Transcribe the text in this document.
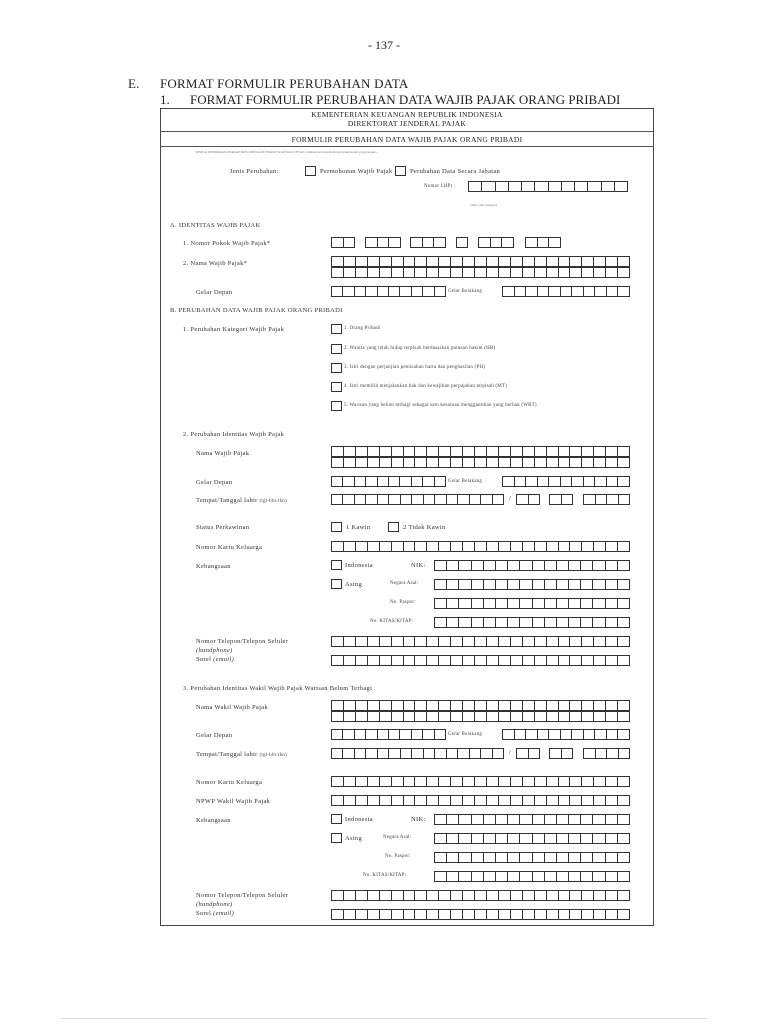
- 137 -
E. FORMAT FORMULIR PERUBAHAN DATA
1. FORMAT FORMULIR PERUBAHAN DATA WAJIB PAJAK ORANG PRIBADI
KEMENTERIAN KEUANGAN REPUBLIK INDONESIA
DIREKTORAT JENDERAL PAJAK
FORMULIR PERUBAHAN DATA WAJIB PAJAK ORANG PRIBADI
SEMUA INFORMASI HARAP DIISI DENGAN HURUF KAPITAL CETAK, silakan beri tanda silang untuk kotak yang sesuai...
Jenis Perubahan:	Permohonan Wajib Pajak	Perubahan Data Secara Jabatan
Nomor LHPt :
(diisi oleh petugas)
A. IDENTITAS WAJIB PAJAK
1. Nomor Pokok Wajib Pajak*
2. Nama Wajib Pajak*
Gelar Depan	Gelar Belakang
B. PERUBAHAN DATA WAJIB PAJAK ORANG PRIBADI
1. Perubahan Kategori Wajib Pajak	1. Orang Pribadi
2. Wanita yang telah hidup terpisah berdasarkan putusan hakim (HB)
3. Istri dengan perjanjian pemisahan harta dan penghasilan (PH)
4. Istri memilih menjalankan hak dan kewajiban perpajakan terpisah (MT)
5. Warisan yang belum terbagi sebagai satu kesatuan menggantikan yang berhak (WBT)
2. Perubahan Identitas Wajib Pajak
Nama Wajib Pajak
Gelar Depan	Gelar Belakang
Tempat/Tanggal lahir (tgl-bln-thn)	/
Status Perkawinan	1 Kawin	2 Tidak Kawin
Nomor Kartu Keluarga
Kebangsaan	Indonesia	NIK:
Asing	Negara Asal:
No. Paspor:
No. KITAS/KITAP:
Nomor Telepon/Telepon Seluler
(handphone)
Surel (email)
3. Perubahan Identitas Wakil Wajib Pajak Warisan Belum Terbagi
Nama Wakil Wajib Pajak
Gelar Depan	Gelar Belakang
Tempat/Tanggal lahir (tgl-bln-thn)	/
Nomor Kartu Keluarga
NPWP Wakil Wajib Pajak
Kebangsaan	Indonesia	NIK:
Asing	Negara Asal:
No. Paspor:
No. KITAS/KITAP:
Nomor Telepon/Telepon Seluler
(handphone)
Surel (email)
